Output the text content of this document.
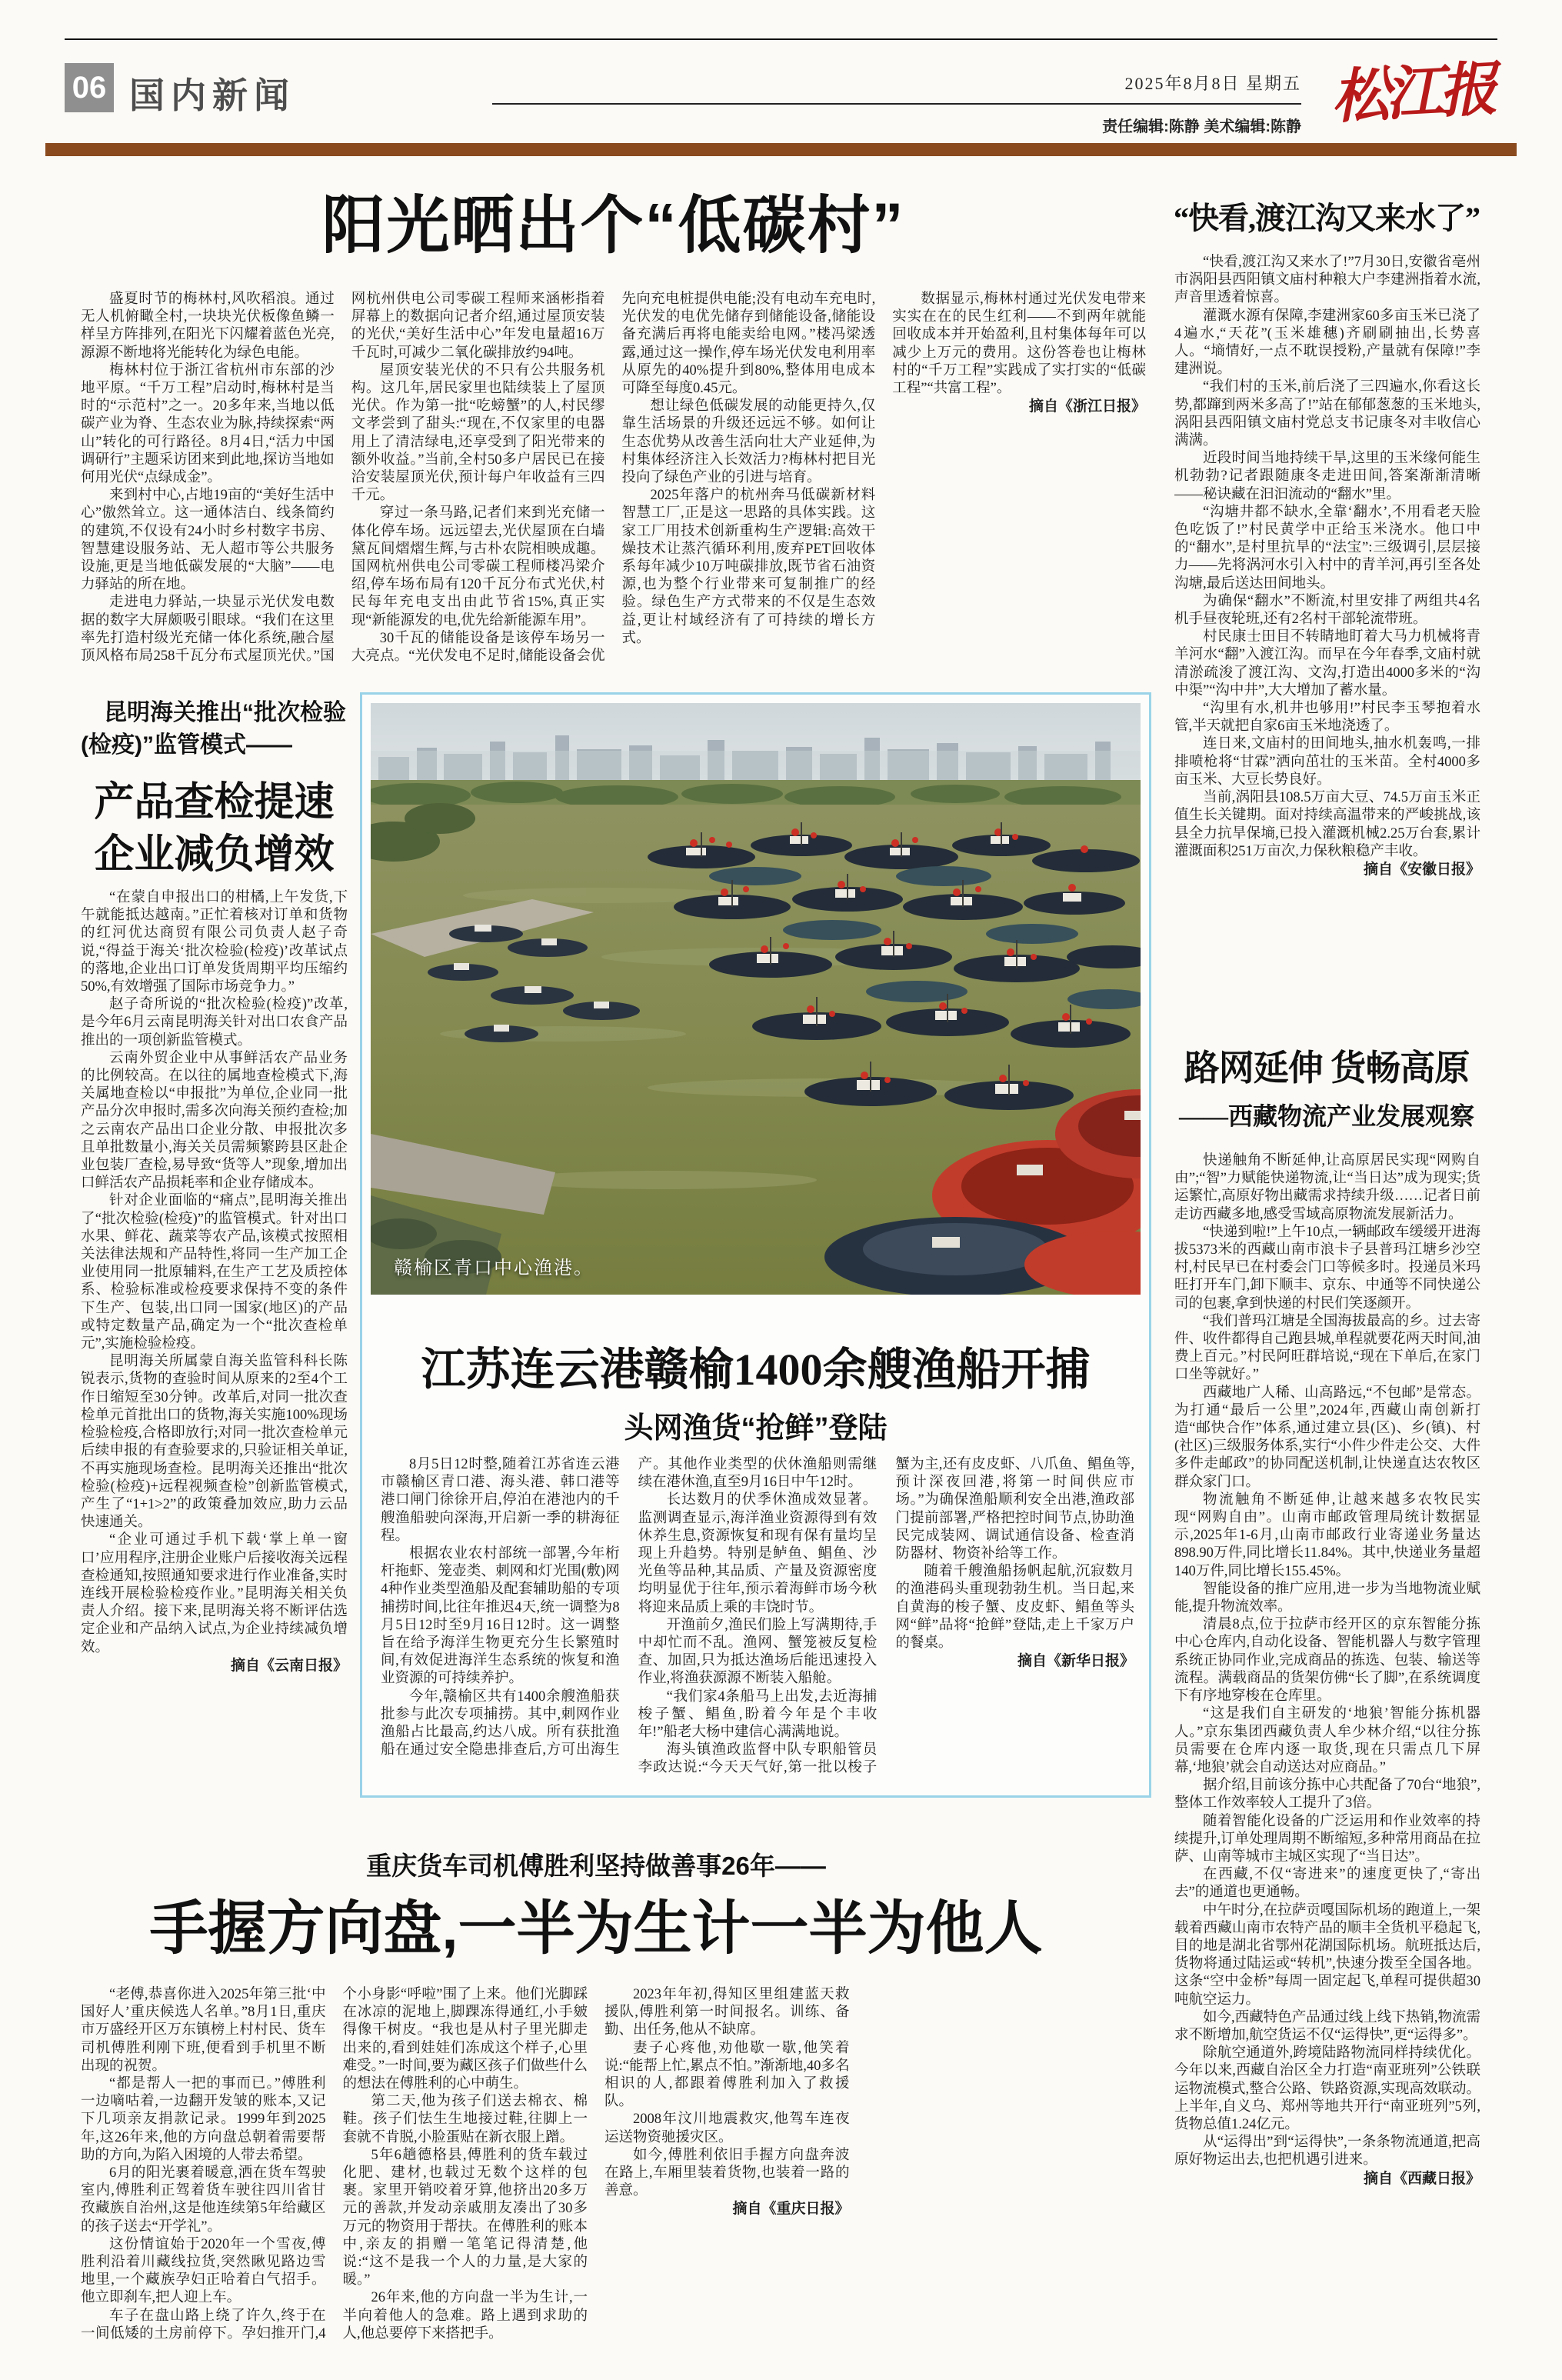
06 国内新闻	2025年8月8日 星期五
责任编辑:陈静 美术编辑:陈静 松江报
阳光晒出个“低碳村”

盛夏时节的梅林村,风吹稻浪。通过无人机俯瞰全村,一块块光伏板像鱼鳞一样呈方阵排列,在阳光下闪耀着蓝色光亮,源源不断地将光能转化为绿色电能。

梅林村位于浙江省杭州市东部的沙地平原。“千万工程”启动时,梅林村是当时的“示范村”之一。20多年来,当地以低碳产业为脊、生态农业为脉,持续探索“两山”转化的可行路径。8月4日,“活力中国调研行”主题采访团来到此地,探访当地如何用光伏“点绿成金”。

来到村中心,占地19亩的“美好生活中心”傲然耸立。这一通体洁白、线条简约的建筑,不仅设有24小时乡村数字书房、智慧建设服务站、无人超市等公共服务设施,更是当地低碳发展的“大脑”——电力驿站的所在地。

走进电力驿站,一块显示光伏发电数据的数字大屏颇吸引眼球。“我们在这里率先打造村级光充储一体化系统,融合屋顶风格布局258千瓦分布式屋顶光伏。”国网杭州供电公司零碳工程师来涵彬指着屏幕上的数据向记者介绍,通过屋顶安装的光伏,“美好生活中心”年发电量超16万千瓦时,可减少二氧化碳排放约94吨。

屋顶安装光伏的不只有公共服务机构。这几年,居民家里也陆续装上了屋顶光伏。作为第一批“吃螃蟹”的人,村民缪文孝尝到了甜头:“现在,不仅家里的电器用上了清洁绿电,还享受到了阳光带来的额外收益。”当前,全村50多户居民已在接洽安装屋顶光伏,预计每户年收益有三四千元。

穿过一条马路,记者们来到光充储一体化停车场。远远望去,光伏屋顶在白墙黛瓦间熠熠生辉,与古朴农院相映成趣。国网杭州供电公司零碳工程师楼冯梁介绍,停车场布局有120千瓦分布式光伏,村民每年充电支出由此节省15%,真正实现“新能源发的电,优先给新能源车用”。

30千瓦的储能设备是该停车场另一大亮点。“光伏发电不足时,储能设备会优先向充电桩提供电能;没有电动车充电时,光伏发的电优先储存到储能设备,储能设备充满后再将电能卖给电网。”楼冯梁透露,通过这一操作,停车场光伏发电利用率从原先的40%提升到80%,整体用电成本可降至每度0.45元。

想让绿色低碳发展的动能更持久,仅靠生活场景的升级还远远不够。如何让生态优势从改善生活向壮大产业延伸,为村集体经济注入长效活力?梅林村把目光投向了绿色产业的引进与培育。

2025年落户的杭州奔马低碳新材料智慧工厂,正是这一思路的具体实践。这家工厂用技术创新重构生产逻辑:高效干燥技术让蒸汽循环利用,废弃PET回收体系每年减少10万吨碳排放,既节省石油资源,也为整个行业带来可复制推广的经验。绿色生产方式带来的不仅是生态效益,更让村域经济有了可持续的增长方式。

数据显示,梅林村通过光伏发电带来实实在在的民生红利——不到两年就能回收成本并开始盈利,且村集体每年可以减少上万元的费用。这份答卷也让梅林村的“千万工程”实践成了实打实的“低碳工程”“共富工程”。

摘自《浙江日报》

昆明海关推出“批次检验
(检疫)”监管模式——
产品查检提速
企业减负增效

“在蒙自申报出口的柑橘,上午发货,下午就能抵达越南。”正忙着核对订单和货物的红河优达商贸有限公司负责人赵子奇说,“得益于海关‘批次检验(检疫)’改革试点的落地,企业出口订单发货周期平均压缩约50%,有效增强了国际市场竞争力。”

赵子奇所说的“批次检验(检疫)”改革,是今年6月云南昆明海关针对出口农食产品推出的一项创新监管模式。

云南外贸企业中从事鲜活农产品业务的比例较高。在以往的属地查检模式下,海关属地查检以“申报批”为单位,企业同一批产品分次申报时,需多次向海关预约查检;加之云南农产品出口企业分散、申报批次多且单批数量小,海关关员需频繁跨县区赴企业包装厂查检,易导致“货等人”现象,增加出口鲜活农产品损耗率和企业存储成本。

针对企业面临的“痛点”,昆明海关推出了“批次检验(检疫)”的监管模式。针对出口水果、鲜花、蔬菜等农产品,该模式按照相关法律法规和产品特性,将同一生产加工企业使用同一批原辅料,在生产工艺及质控体系、检验标准或检疫要求保持不变的条件下生产、包装,出口同一国家(地区)的产品或特定数量产品,确定为一个“批次查检单元”,实施检验检疫。

昆明海关所属蒙自海关监管科科长陈锐表示,货物的查验时间从原来的2至4个工作日缩短至30分钟。改革后,对同一批次查检单元首批出口的货物,海关实施100%现场检验检疫,合格即放行;对同一批次查检单元后续申报的有查验要求的,只验证相关单证,不再实施现场查检。昆明海关还推出“批次检验(检疫)+远程视频查检”创新监管模式,产生了“1+1>2”的政策叠加效应,助力云品快速通关。

“企业可通过手机下载‘掌上单一窗口’应用程序,注册企业账户后接收海关远程查检通知,按照通知要求进行作业准备,实时连线开展检验检疫作业。”昆明海关相关负责人介绍。接下来,昆明海关将不断评估选定企业和产品纳入试点,为企业持续减负增效。

摘自《云南日报》

赣榆区青口中心渔港。
江苏连云港赣榆1400余艘渔船开捕
头网渔货“抢鲜”登陆

8月5日12时整,随着江苏省连云港市赣榆区青口港、海头港、韩口港等港口闸门徐徐开启,停泊在港池内的千艘渔船驶向深海,开启新一季的耕海征程。

根据农业农村部统一部署,今年桁杆拖虾、笼壶类、刺网和灯光围(敷)网4种作业类型渔船及配套辅助船的专项捕捞时间,比往年推迟4天,统一调整为8月5日12时至9月16日12时。这一调整旨在给予海洋生物更充分生长繁殖时间,有效促进海洋生态系统的恢复和渔业资源的可持续养护。

今年,赣榆区共有1400余艘渔船获批参与此次专项捕捞。其中,刺网作业渔船占比最高,约达八成。所有获批渔船在通过安全隐患排查后,方可出海生产。其他作业类型的伏休渔船则需继续在港休渔,直至9月16日中午12时。

长达数月的伏季休渔成效显著。监测调查显示,海洋渔业资源得到有效休养生息,资源恢复和现有保有量均呈现上升趋势。特别是鲈鱼、鲳鱼、沙光鱼等品种,其品质、产量及资源密度均明显优于往年,预示着海鲜市场今秋将迎来品质上乘的丰饶时节。

开渔前夕,渔民们脸上写满期待,手中却忙而不乱。渔网、蟹笼被反复检查、加固,只为抵达渔场后能迅速投入作业,将渔获源源不断装入船舱。

“我们家4条船马上出发,去近海捕梭子蟹、鲳鱼,盼着今年是个丰收年!”船老大杨中建信心满满地说。

海头镇渔政监督中队专职船管员李政达说:“今天天气好,第一批以梭子蟹为主,还有皮皮虾、八爪鱼、鲳鱼等,预计深夜回港,将第一时间供应市场。”为确保渔船顺利安全出港,渔政部门提前部署,严格把控时间节点,协助渔民完成装网、调试通信设备、检查消防器材、物资补给等工作。

随着千艘渔船扬帆起航,沉寂数月的渔港码头重现勃勃生机。当日起,来自黄海的梭子蟹、皮皮虾、鲳鱼等头网“鲜”品将“抢鲜”登陆,走上千家万户的餐桌。

摘自《新华日报》

“快看,渡江沟又来水了”

“快看,渡江沟又来水了!”7月30日,安徽省亳州市涡阳县西阳镇文庙村种粮大户李建洲指着水流,声音里透着惊喜。

灌溉水源有保障,李建洲家60多亩玉米已浇了4遍水,“天花”(玉米雄穗)齐刷刷抽出,长势喜人。“墒情好,一点不耽误授粉,产量就有保障!”李建洲说。

“我们村的玉米,前后浇了三四遍水,你看这长势,都蹿到两米多高了!”站在郁郁葱葱的玉米地头,涡阳县西阳镇文庙村党总支书记康冬对丰收信心满满。

近段时间当地持续干旱,这里的玉米缘何能生机勃勃?记者跟随康冬走进田间,答案渐渐清晰——秘诀藏在汩汩流动的“翻水”里。

“沟塘井都不缺水,全靠‘翻水’,不用看老天脸色吃饭了!”村民黄学中正给玉米浇水。他口中的“翻水”,是村里抗旱的“法宝”:三级调引,层层接力——先将涡河水引入村中的青羊河,再引至各处沟塘,最后送达田间地头。

为确保“翻水”不断流,村里安排了两组共4名机手昼夜轮班,还有2名村干部轮流带班。

村民康士田目不转睛地盯着大马力机械将青羊河水“翻”入渡江沟。而早在今年春季,文庙村就清淤疏浚了渡江沟、文沟,打造出4000多米的“沟中渠”“沟中井”,大大增加了蓄水量。

“沟里有水,机井也够用!”村民李玉琴抱着水管,半天就把自家6亩玉米地浇透了。

连日来,文庙村的田间地头,抽水机轰鸣,一排排喷枪将“甘霖”洒向茁壮的玉米苗。全村4000多亩玉米、大豆长势良好。

当前,涡阳县108.5万亩大豆、74.5万亩玉米正值生长关键期。面对持续高温带来的严峻挑战,该县全力抗旱保墒,已投入灌溉机械2.25万台套,累计灌溉面积251万亩次,力保秋粮稳产丰收。

摘自《安徽日报》

路网延伸 货畅高原
——西藏物流产业发展观察

快递触角不断延伸,让高原居民实现“网购自由”;“智”力赋能快递物流,让“当日达”成为现实;货运繁忙,高原好物出藏需求持续升级……记者日前走访西藏多地,感受雪域高原物流发展新活力。

“快递到啦!”上午10点,一辆邮政车缓缓开进海拔5373米的西藏山南市浪卡子县普玛江塘乡沙空村,村民早已在村委会门口等候多时。投递员米玛旺打开车门,卸下顺丰、京东、中通等不同快递公司的包裹,拿到快递的村民们笑逐颜开。

“我们普玛江塘是全国海拔最高的乡。过去寄件、收件都得自己跑县城,单程就要花两天时间,油费上百元。”村民阿旺群培说,“现在下单后,在家门口坐等就好。”

西藏地广人稀、山高路远,“不包邮”是常态。为打通“最后一公里”,2024年,西藏山南创新打造“邮快合作”体系,通过建立县(区)、乡(镇)、村(社区)三级服务体系,实行“小件少件走公交、大件多件走邮政”的协同配送机制,让快递直达农牧区群众家门口。

物流触角不断延伸,让越来越多农牧民实现“网购自由”。山南市邮政管理局统计数据显示,2025年1-6月,山南市邮政行业寄递业务量达898.90万件,同比增长11.84%。其中,快递业务量超140万件,同比增长155.45%。

智能设备的推广应用,进一步为当地物流业赋能,提升物流效率。

清晨8点,位于拉萨市经开区的京东智能分拣中心仓库内,自动化设备、智能机器人与数字管理系统正协同作业,完成商品的拣选、包装、输送等流程。满载商品的货架仿佛“长了脚”,在系统调度下有序地穿梭在仓库里。

“这是我们自主研发的‘地狼’智能分拣机器人。”京东集团西藏负责人牟少林介绍,“以往分拣员需要在仓库内逐一取货,现在只需点几下屏幕,‘地狼’就会自动送达对应商品。”

据介绍,目前该分拣中心共配备了70台“地狼”,整体工作效率较人工提升了3倍。

随着智能化设备的广泛运用和作业效率的持续提升,订单处理周期不断缩短,多种常用商品在拉萨、山南等城市主城区实现了“当日达”。

在西藏,不仅“寄进来”的速度更快了,“寄出去”的通道也更通畅。

中午时分,在拉萨贡嘎国际机场的跑道上,一架载着西藏山南市农特产品的顺丰全货机平稳起飞,目的地是湖北省鄂州花湖国际机场。航班抵达后,货物将通过陆运或“转机”,快速分拨至全国各地。这条“空中金桥”每周一固定起飞,单程可提供超30吨航空运力。

如今,西藏特色产品通过线上线下热销,物流需求不断增加,航空货运不仅“运得快”,更“运得多”。

除航空通道外,跨境陆路物流同样持续优化。今年以来,西藏自治区全力打造“南亚班列”公铁联运物流模式,整合公路、铁路资源,实现高效联动。上半年,自义乌、郑州等地共开行“南亚班列”5列,货物总值1.24亿元。

从“运得出”到“运得快”,一条条物流通道,把高原好物运出去,也把机遇引进来。

摘自《西藏日报》

重庆货车司机傅胜利坚持做善事26年——
手握方向盘,一半为生计一半为他人

“老傅,恭喜你进入2025年第三批‘中国好人’重庆候选人名单。”8月1日,重庆市万盛经开区万东镇榜上村村民、货车司机傅胜利刚下班,便看到手机里不断出现的祝贺。

“都是帮人一把的事而已。”傅胜利一边嘀咕着,一边翻开发皱的账本,又记下几项亲友捐款记录。1999年到2025年,这26年来,他的方向盘总朝着需要帮助的方向,为陷入困境的人带去希望。

6月的阳光裹着暖意,洒在货车驾驶室内,傅胜利正驾着货车驶往四川省甘孜藏族自治州,这是他连续第5年给藏区的孩子送去“开学礼”。

这份情谊始于2020年一个雪夜,傅胜利沿着川藏线拉货,突然瞅见路边雪地里,一个藏族孕妇正哈着白气招手。他立即刹车,把人迎上车。

车子在盘山路上绕了许久,终于在一间低矮的土房前停下。孕妇推开门,4个小身影“呼啦”围了上来。他们光脚踩在冰凉的泥地上,脚踝冻得通红,小手皴得像干树皮。“我也是从村子里光脚走出来的,看到娃娃们冻成这个样子,心里难受。”一时间,要为藏区孩子们做些什么的想法在傅胜利的心中萌生。

第二天,他为孩子们送去棉衣、棉鞋。孩子们怯生生地接过鞋,往脚上一套就不肯脱,小脸蛋贴在新衣服上蹭。

5年6趟德格县,傅胜利的货车载过化肥、建材,也载过无数个这样的包裹。家里开销咬着牙算,他挤出20多万元的善款,并发动亲戚朋友凑出了30多万元的物资用于帮扶。在傅胜利的账本中,亲友的捐赠一笔笔记得清楚,他说:“这不是我一个人的力量,是大家的暖。”

26年来,他的方向盘一半为生计,一半向着他人的急难。路上遇到求助的人,他总要停下来搭把手。

2023年年初,得知区里组建蓝天救援队,傅胜利第一时间报名。训练、备勤、出任务,他从不缺席。

妻子心疼他,劝他歇一歇,他笑着说:“能帮上忙,累点不怕。”渐渐地,40多名相识的人,都跟着傅胜利加入了救援队。

2008年汶川地震救灾,他驾车连夜运送物资驰援灾区。

如今,傅胜利依旧手握方向盘奔波在路上,车厢里装着货物,也装着一路的善意。

摘自《重庆日报》
